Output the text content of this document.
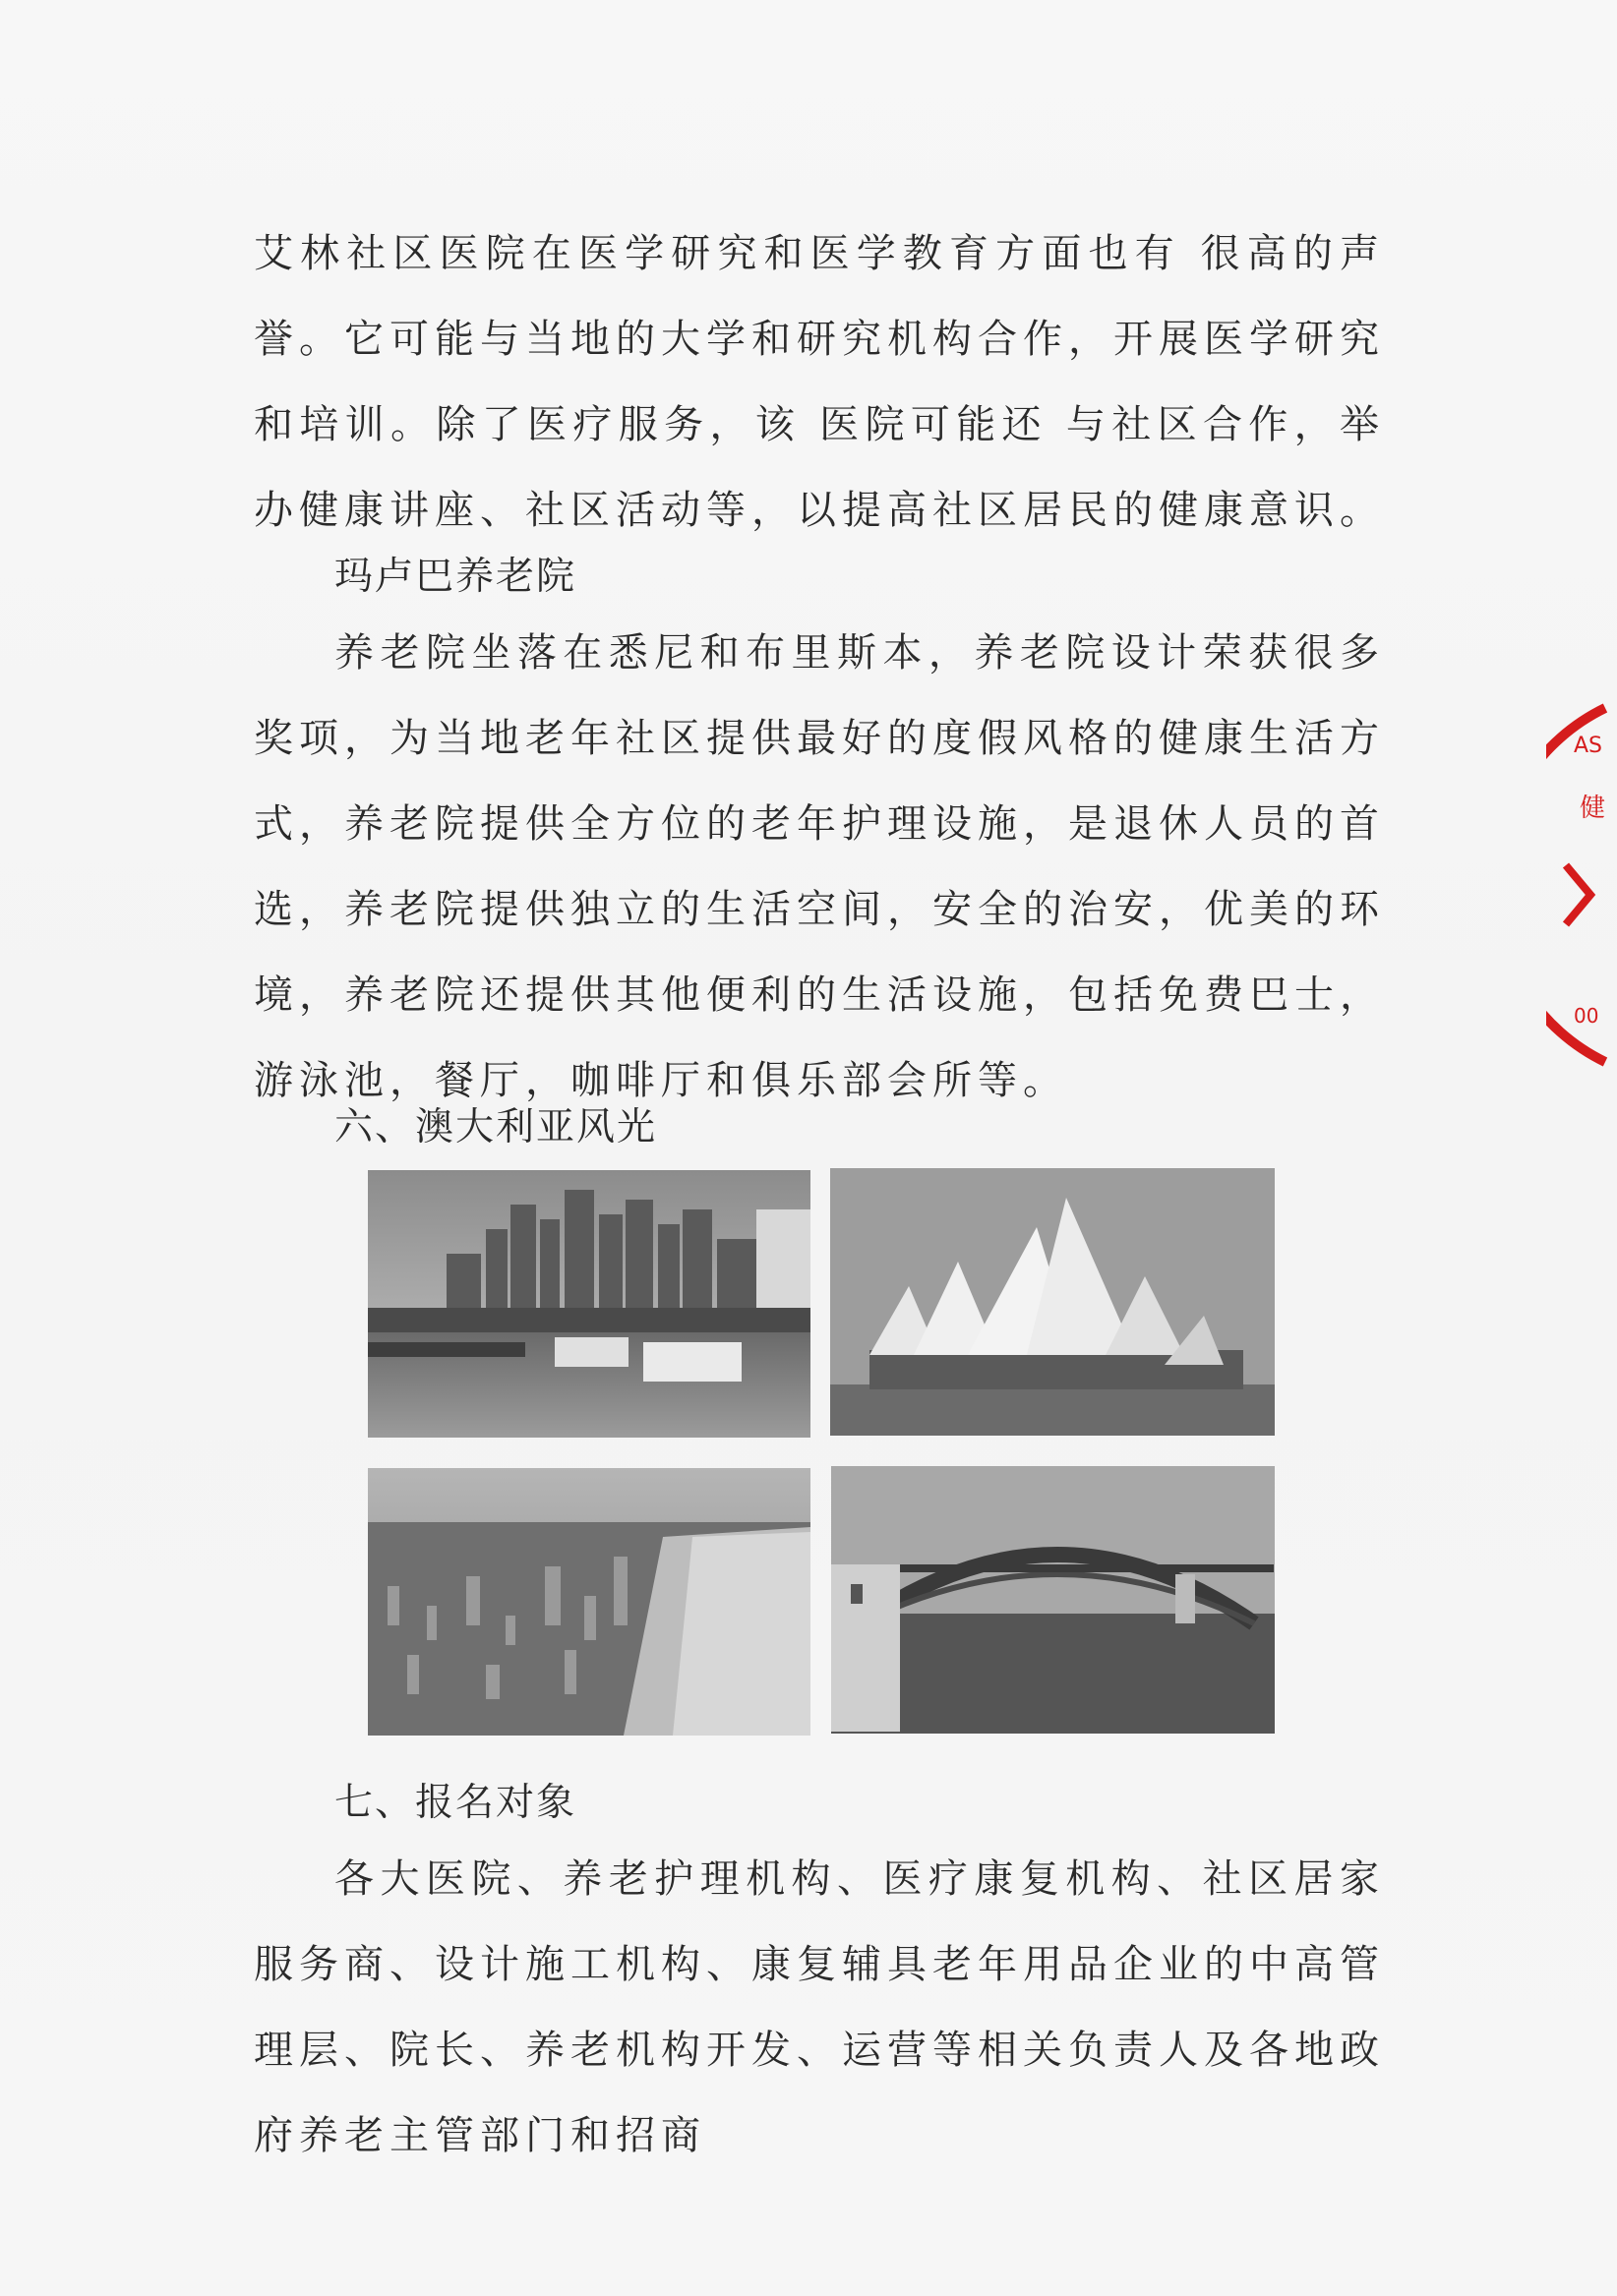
艾林社区医院在医学研究和医学教育方面也有 很高的声誉。它可能与当地的大学和研究机构合作，开展医学研究和培训。除了医疗服务，该 医院可能还 与社区合作，举办健康讲座、社区活动等，以提高社区居民的健康意识。

玛卢巴养老院

养老院坐落在悉尼和布里斯本，养老院设计荣获很多奖项，为当地老年社区提供最好的度假风格的健康生活方式，养老院提供全方位的老年护理设施，是退休人员的首选，养老院提供独立的生活空间，安全的治安，优美的环境，养老院还提供其他便利的生活设施，包括免费巴士，游泳池，餐厅，咖啡厅和俱乐部会所等。

六、澳大利亚风光

七、报名对象

各大医院、养老护理机构、医疗康复机构、社区居家服务商、设计施工机构、康复辅具老年用品企业的中高管理层、院长、养老机构开发、运营等相关负责人及各地政府养老主管部门和招商

AS
健
00
